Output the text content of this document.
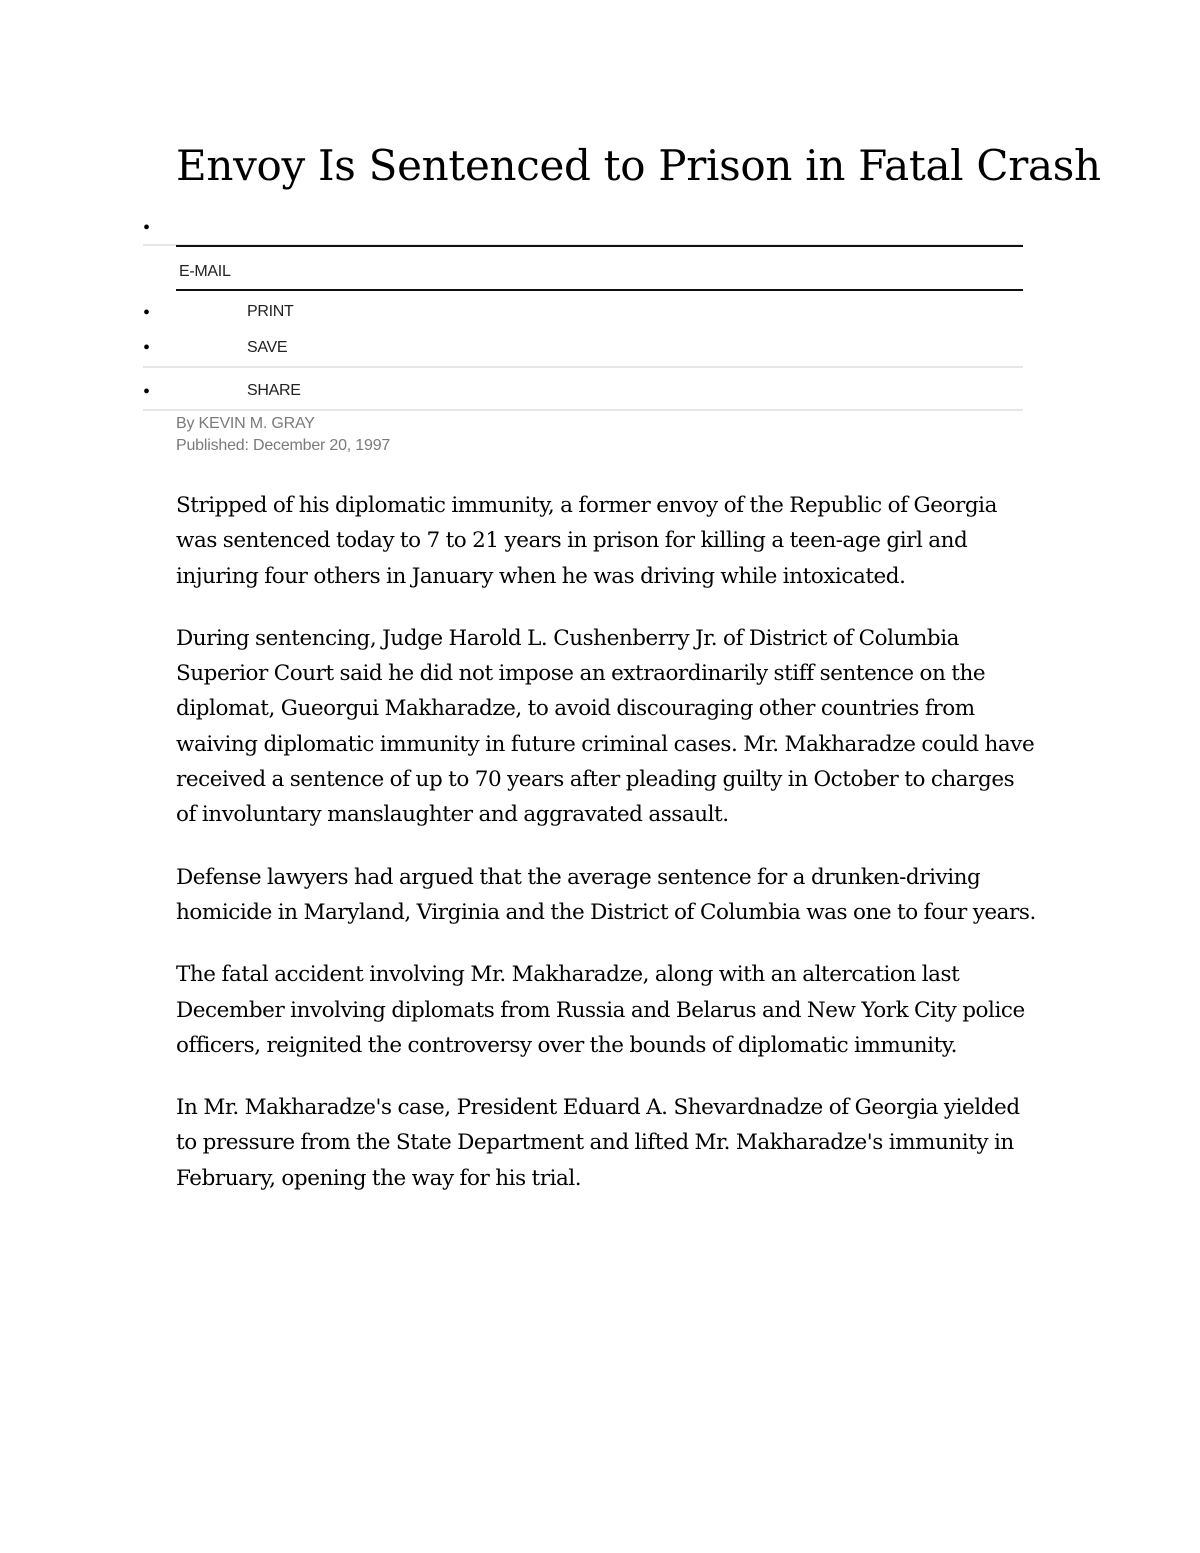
Envoy Is Sentenced to Prison in Fatal Crash
•
E-MAIL
•	PRINT
•	SAVE
•	SHARE
By KEVIN M. GRAY
Published: December 20, 1997

Stripped of his diplomatic immunity, a former envoy of the Republic of Georgia was sentenced today to 7 to 21 years in prison for killing a teen-age girl and injuring four others in January when he was driving while intoxicated.

During sentencing, Judge Harold L. Cushenberry Jr. of District of Columbia Superior Court said he did not impose an extraordinarily stiff sentence on the diplomat, Gueorgui Makharadze, to avoid discouraging other countries from waiving diplomatic immunity in future criminal cases. Mr. Makharadze could have received a sentence of up to 70 years after pleading guilty in October to charges of involuntary manslaughter and aggravated assault.

Defense lawyers had argued that the average sentence for a drunken-driving homicide in Maryland, Virginia and the District of Columbia was one to four years.

The fatal accident involving Mr. Makharadze, along with an altercation last December involving diplomats from Russia and Belarus and New York City police officers, reignited the controversy over the bounds of diplomatic immunity.

In Mr. Makharadze's case, President Eduard A. Shevardnadze of Georgia yielded to pressure from the State Department and lifted Mr. Makharadze's immunity in February, opening the way for his trial.
